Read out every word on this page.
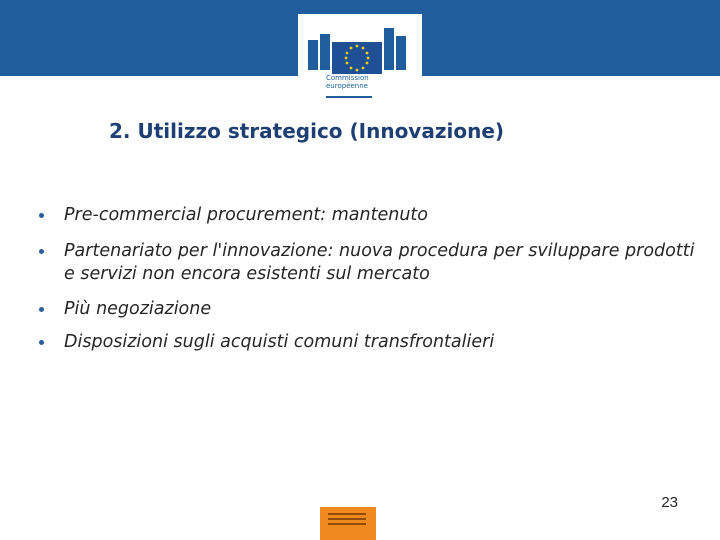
Commission
européenne
2. Utilizzo strategico (Innovazione)
Pre-commercial procurement: mantenuto
Partenariato per l'innovazione: nuova procedura per sviluppare prodotti e servizi non encora esistenti sul mercato
Più negoziazione
Disposizioni sugli acquisti comuni transfrontalieri
23
